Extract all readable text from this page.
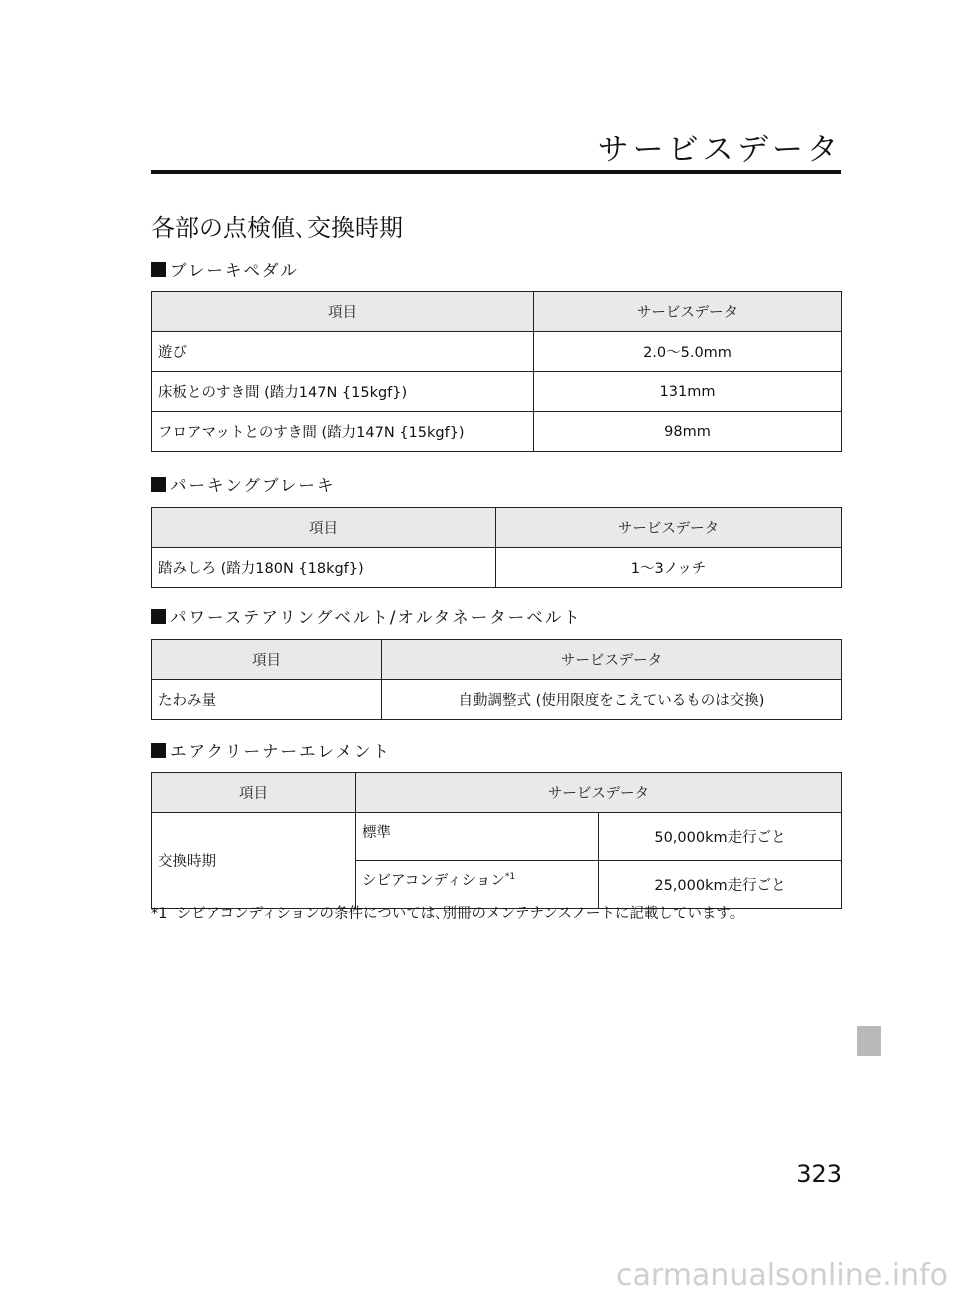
サービスデータ
各部の点検値､交換時期
ブレーキペダル
項目	サービスデータ
遊び	2.0～5.0mm
床板とのすき間 (踏力147N {15kgf})	131mm
フロアマットとのすき間 (踏力147N {15kgf})	98mm
パーキングブレーキ
項目	サービスデータ
踏みしろ (踏力180N {18kgf})	1～3ノッチ
パワーステアリングベルト/オルタネーターベルト
項目	サービスデータ
たわみ量	自動調整式 (使用限度をこえているものは交換)
エアクリーナーエレメント
項目	サービスデータ	
交換時期	標準	50,000km走行ごと
	シビアコンディション$^{*1}$	25,000km走行ごと
*1 シビアコンディションの条件については､別冊のメンテナンスノートに記載しています。
323
carmanualsonline.info
